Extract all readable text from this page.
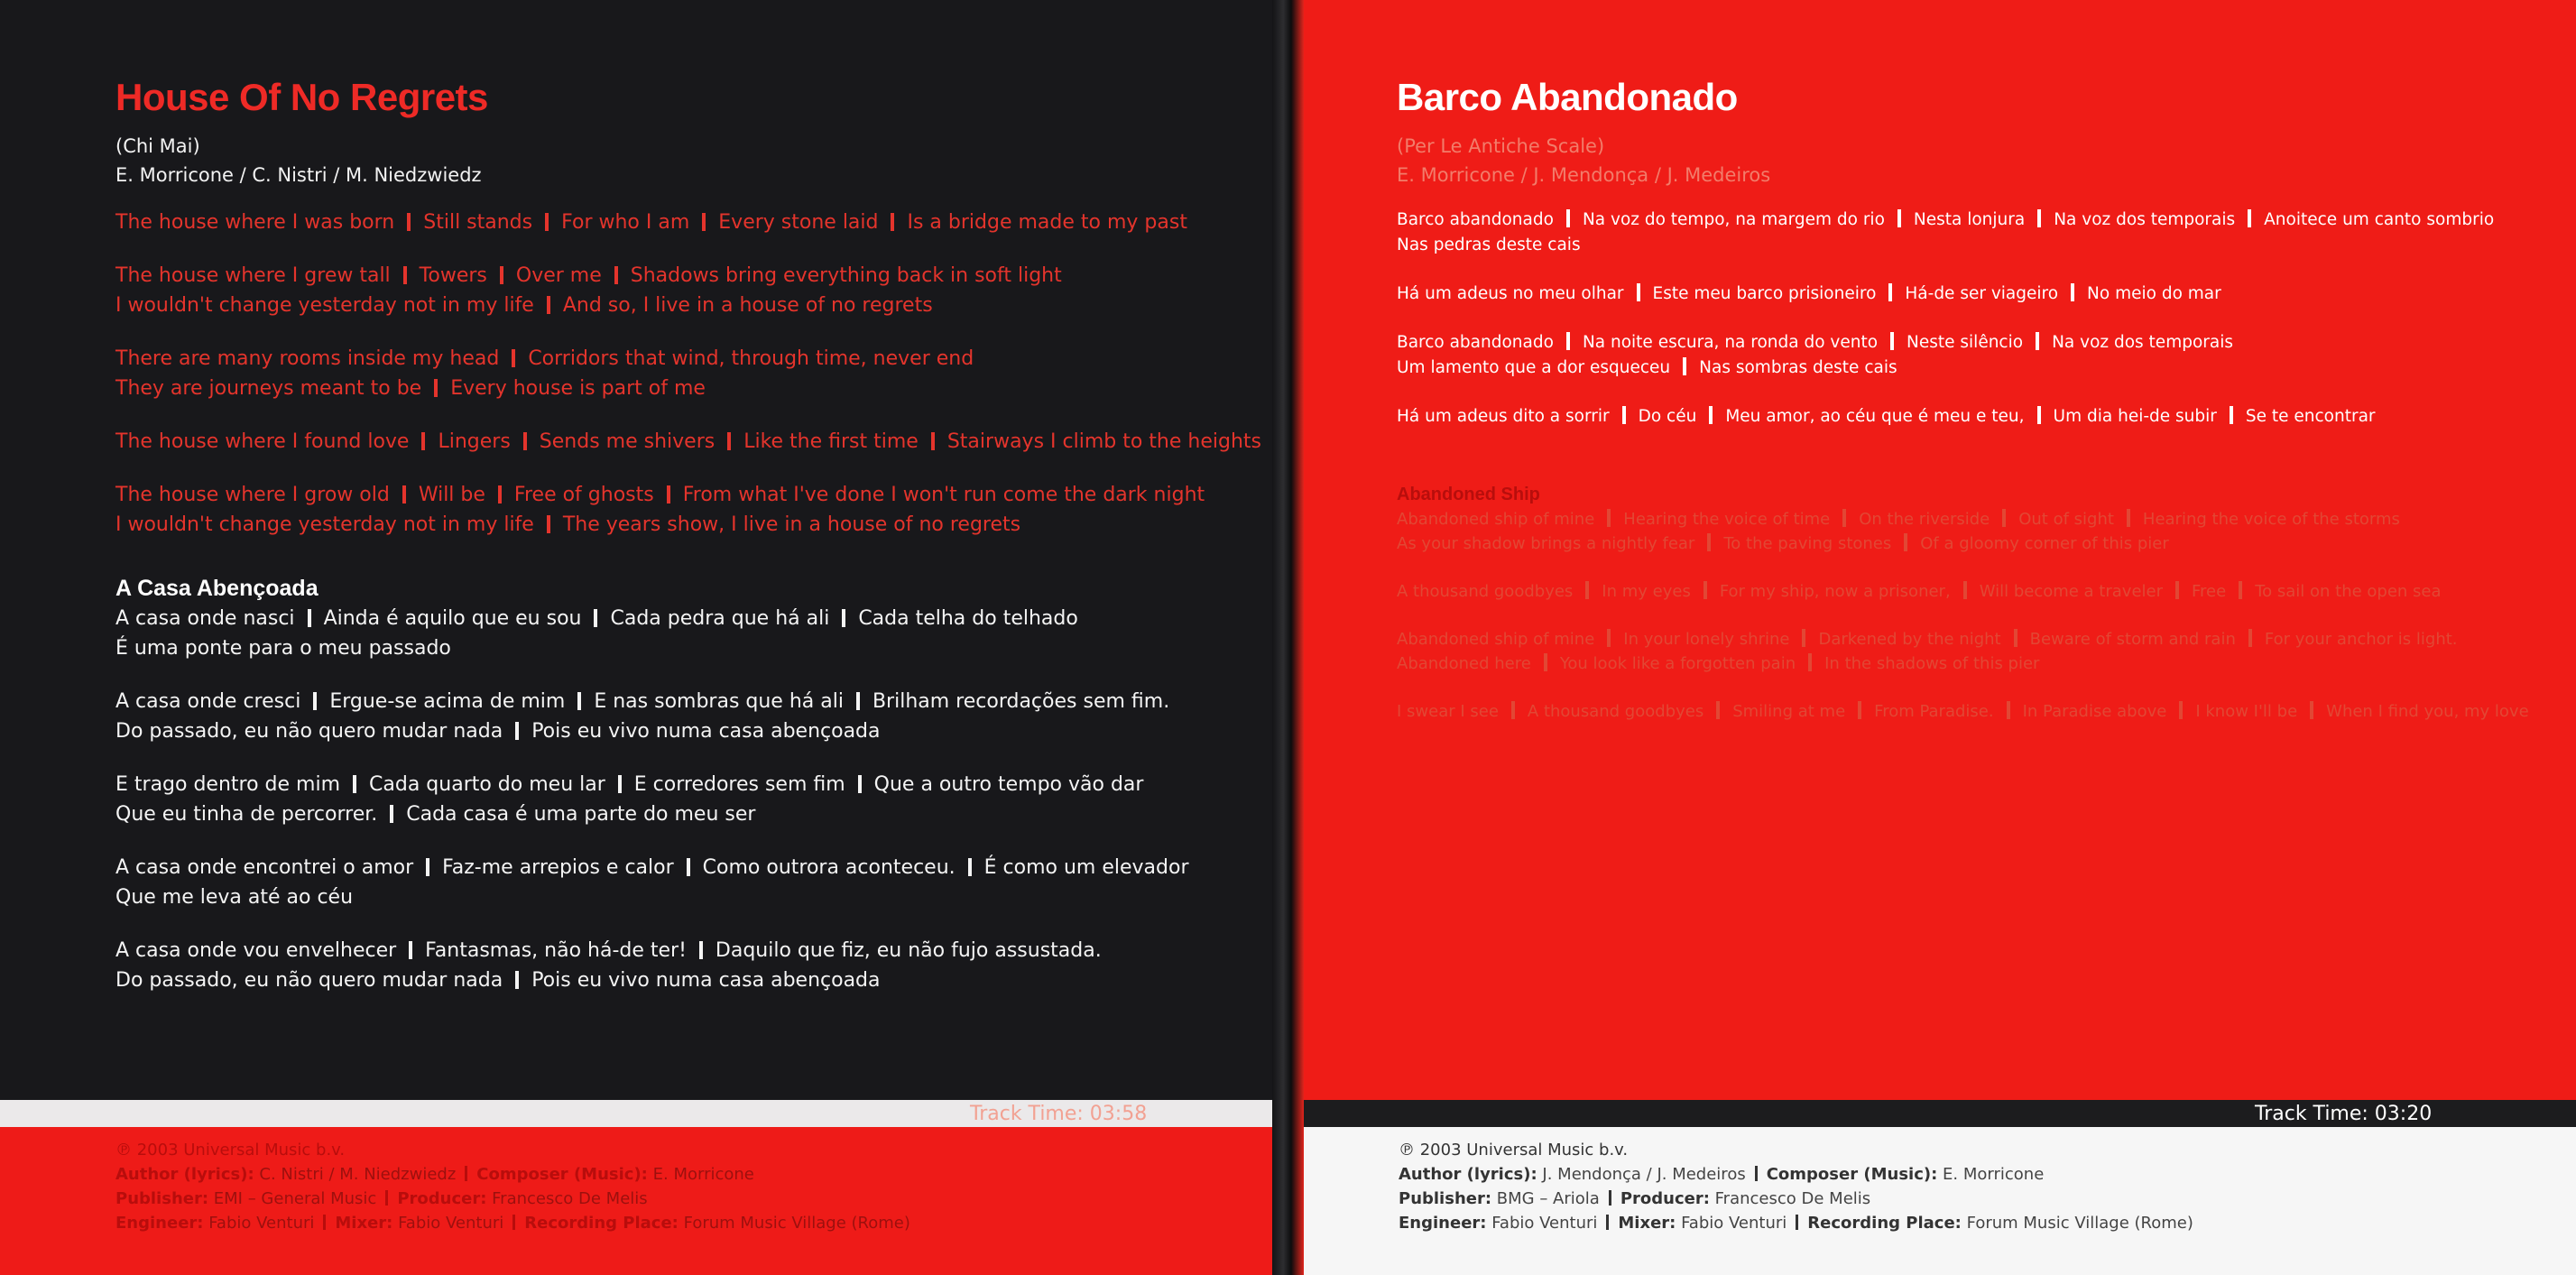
House Of No Regrets
(Chi Mai)
E. Morricone / C. Nistri / M. Niedzwiedz
The house where I was born Still stands For who I am Every stone laid Is a bridge made to my past
The house where I grew tall Towers Over me Shadows bring everything back in soft light
I wouldn't change yesterday not in my life And so, I live in a house of no regrets
There are many rooms inside my head Corridors that wind, through time, never end
They are journeys meant to be Every house is part of me
The house where I found love Lingers Sends me shivers Like the first time Stairways I climb to the heights
The house where I grow old Will be Free of ghosts From what I've done I won't run come the dark night
I wouldn't change yesterday not in my life The years show, I live in a house of no regrets
A Casa Abençoada
A casa onde nasci Ainda é aquilo que eu sou Cada pedra que há ali Cada telha do telhado
É uma ponte para o meu passado
A casa onde cresci Ergue-se acima de mim E nas sombras que há ali Brilham recordações sem fim.
Do passado, eu não quero mudar nada Pois eu vivo numa casa abençoada
E trago dentro de mim Cada quarto do meu lar E corredores sem fim Que a outro tempo vão dar
Que eu tinha de percorrer. Cada casa é uma parte do meu ser
A casa onde encontrei o amor Faz-me arrepios e calor Como outrora aconteceu. É como um elevador
Que me leva até ao céu
A casa onde vou envelhecer Fantasmas, não há-de ter! Daquilo que fiz, eu não fujo assustada.
Do passado, eu não quero mudar nada Pois eu vivo numa casa abençoada
Track Time: 03:58
℗ 2003 Universal Music b.v.
Author (lyrics): C. Nistri / M. Niedzwiedz Composer (Music): E. Morricone
Publisher: EMI – General Music Producer: Francesco De Melis
Engineer: Fabio Venturi Mixer: Fabio Venturi Recording Place: Forum Music Village (Rome)
Barco Abandonado
(Per Le Antiche Scale)
E. Morricone / J. Mendonça / J. Medeiros
Barco abandonado Na voz do tempo, na margem do rio Nesta lonjura Na voz dos temporais Anoitece um canto sombrio
Nas pedras deste cais
Há um adeus no meu olhar Este meu barco prisioneiro Há-de ser viageiro No meio do mar
Barco abandonado Na noite escura, na ronda do vento Neste silêncio Na voz dos temporais
Um lamento que a dor esqueceu Nas sombras deste cais
Há um adeus dito a sorrir Do céu Meu amor, ao céu que é meu e teu, Um dia hei-de subir Se te encontrar
Abandoned Ship
Abandoned ship of mine Hearing the voice of time On the riverside Out of sight Hearing the voice of the storms
As your shadow brings a nightly fear To the paving stones Of a gloomy corner of this pier
A thousand goodbyes In my eyes For my ship, now a prisoner, Will become a traveler Free To sail on the open sea
Abandoned ship of mine In your lonely shrine Darkened by the night Beware of storm and rain For your anchor is light.
Abandoned here You look like a forgotten pain In the shadows of this pier
I swear I see A thousand goodbyes Smiling at me From Paradise. In Paradise above I know I'll be When I find you, my love
Track Time: 03:20
℗ 2003 Universal Music b.v.
Author (lyrics): J. Mendonça / J. Medeiros Composer (Music): E. Morricone
Publisher: BMG – Ariola Producer: Francesco De Melis
Engineer: Fabio Venturi Mixer: Fabio Venturi Recording Place: Forum Music Village (Rome)
